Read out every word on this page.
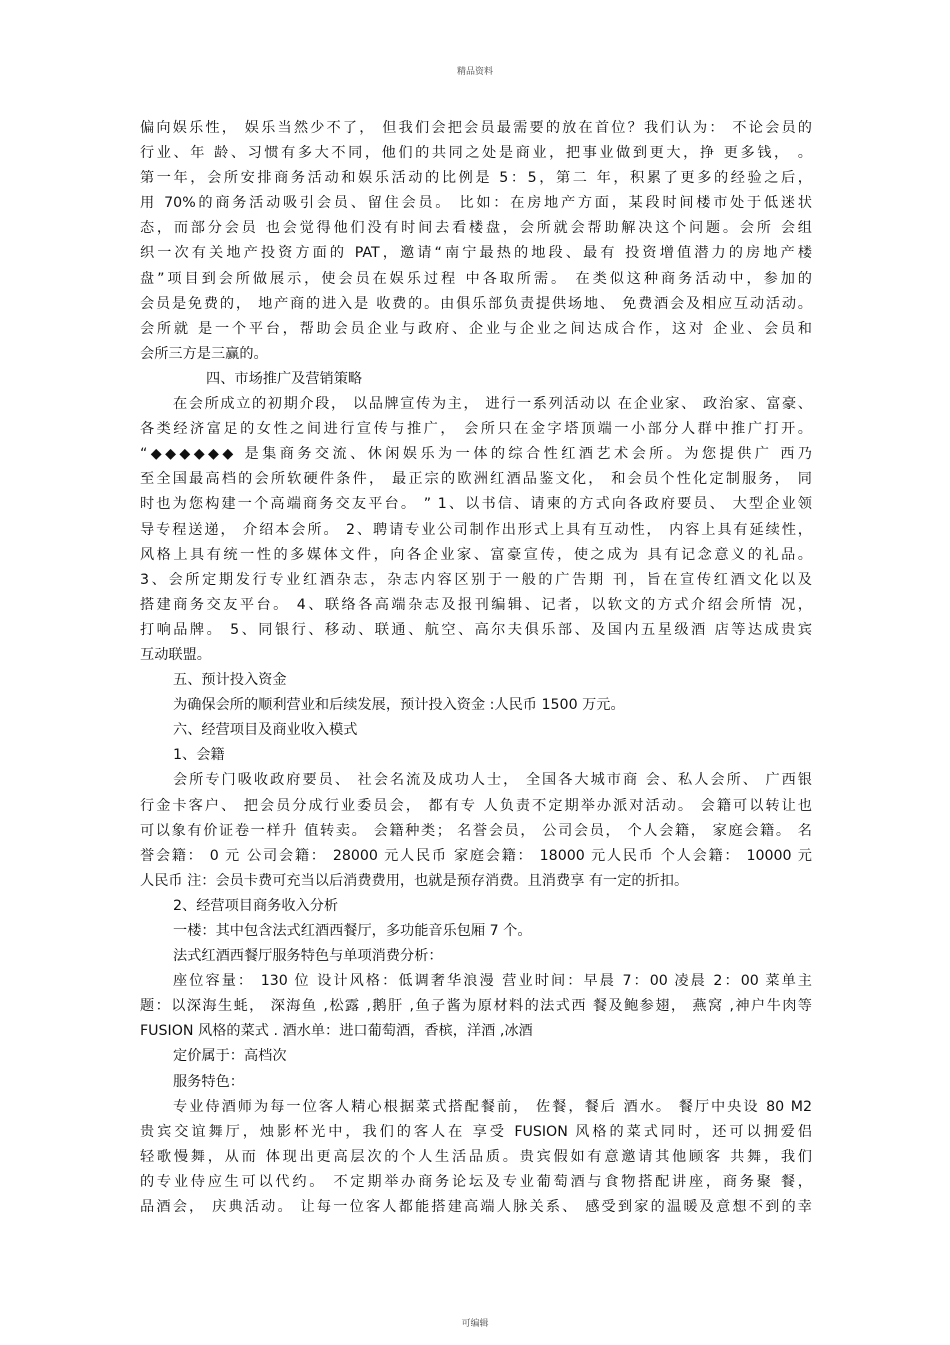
精品资料
偏向娱乐性， 娱乐当然少不了， 但我们会把会员最需要的放在首位？我们认为： 不论会员的
行业、年 龄、习惯有多大不同，他们的共同之处是商业，把事业做到更大，挣 更多钱， 。
第一年，会所安排商务活动和娱乐活动的比例是 5：5，第二 年，积累了更多的经验之后，
用 70%的商务活动吸引会员、留住会员。 比如：在房地产方面，某段时间楼市处于低迷状
态，而部分会员 也会觉得他们没有时间去看楼盘，会所就会帮助解决这个问题。会所 会组
织一次有关地产投资方面的 PAT，邀请“南宁最热的地段、最有 投资增值潜力的房地产楼
盘”项目到会所做展示，使会员在娱乐过程 中各取所需。 在类似这种商务活动中，参加的
会员是免费的， 地产商的进入是 收费的。由俱乐部负责提供场地、 免费酒会及相应互动活动。
会所就 是一个平台，帮助会员企业与政府、企业与企业之间达成合作，这对 企业、会员和
会所三方是三赢的。
四、市场推广及营销策略
在会所成立的初期介段， 以品牌宣传为主， 进行一系列活动以 在企业家、 政治家、富豪、
各类经济富足的女性之间进行宣传与推广， 会所只在金字塔顶端一小部分人群中推广打开。
“◆◆◆◆◆◆ 是集商务交流、休闲娱乐为一体的综合性红酒艺术会所。为您提供广 西乃
至全国最高档的会所软硬件条件， 最正宗的欧洲红酒品鉴文化， 和会员个性化定制服务， 同
时也为您构建一个高端商务交友平台。 ” 1、以书信、请柬的方式向各政府要员、 大型企业领
导专程送递， 介绍本会所。 2、聘请专业公司制作出形式上具有互动性， 内容上具有延续性，
风格上具有统一性的多媒体文件，向各企业家、富豪宣传，使之成为 具有记念意义的礼品。
3、会所定期发行专业红酒杂志，杂志内容区别于一般的广告期 刊，旨在宣传红酒文化以及
搭建商务交友平台。 4、联络各高端杂志及报刊编辑、记者，以软文的方式介绍会所情 况，
打响品牌。 5、同银行、移动、联通、航空、高尔夫俱乐部、及国内五星级酒 店等达成贵宾
互动联盟。
五、预计投入资金
为确保会所的顺利营业和后续发展，预计投入资金 :人民币 1500 万元。
六、经营项目及商业收入模式
1、会籍
会所专门吸收政府要员、 社会名流及成功人士， 全国各大城市商 会、私人会所、 广西银
行金卡客户、 把会员分成行业委员会， 都有专 人负责不定期举办派对活动。 会籍可以转让也
可以象有价证卷一样升 值转卖。 会籍种类； 名誉会员， 公司会员， 个人会籍， 家庭会籍。 名
誉会籍： 0 元 公司会籍： 28000 元人民币 家庭会籍： 18000 元人民币 个人会籍： 10000 元
人民币 注：会员卡费可充当以后消费费用，也就是预存消费。且消费享 有一定的折扣。
2、经营项目商务收入分析
一楼：其中包含法式红酒西餐厅，多功能音乐包厢 7 个。
法式红酒西餐厅服务特色与单项消费分析：
座位容量： 130 位 设计风格：低调奢华浪漫 营业时间：早晨 7：00 凌晨 2：00 菜单主
题：以深海生蚝， 深海鱼 ,松露 ,鹅肝 ,鱼子酱为原材料的法式西 餐及鲍参翅， 燕窝 ,神户牛肉等
FUSION 风格的菜式 . 酒水单：进口葡萄酒，香槟，洋酒 ,冰酒
定价属于：高档次
服务特色：
专业侍酒师为每一位客人精心根据菜式搭配餐前， 佐餐，餐后 酒水。 餐厅中央设 80 M2
贵宾交谊舞厅，烛影杯光中，我们的客人在 享受 FUSION 风格的菜式同时，还可以拥爱侣
轻歌慢舞，从而 体现出更高层次的个人生活品质。贵宾假如有意邀请其他顾客 共舞，我们
的专业侍应生可以代约。 不定期举办商务论坛及专业葡萄酒与食物搭配讲座，商务聚 餐，
品酒会， 庆典活动。 让每一位客人都能搭建高端人脉关系、 感受到家的温暖及意想不到的幸
可编辑
